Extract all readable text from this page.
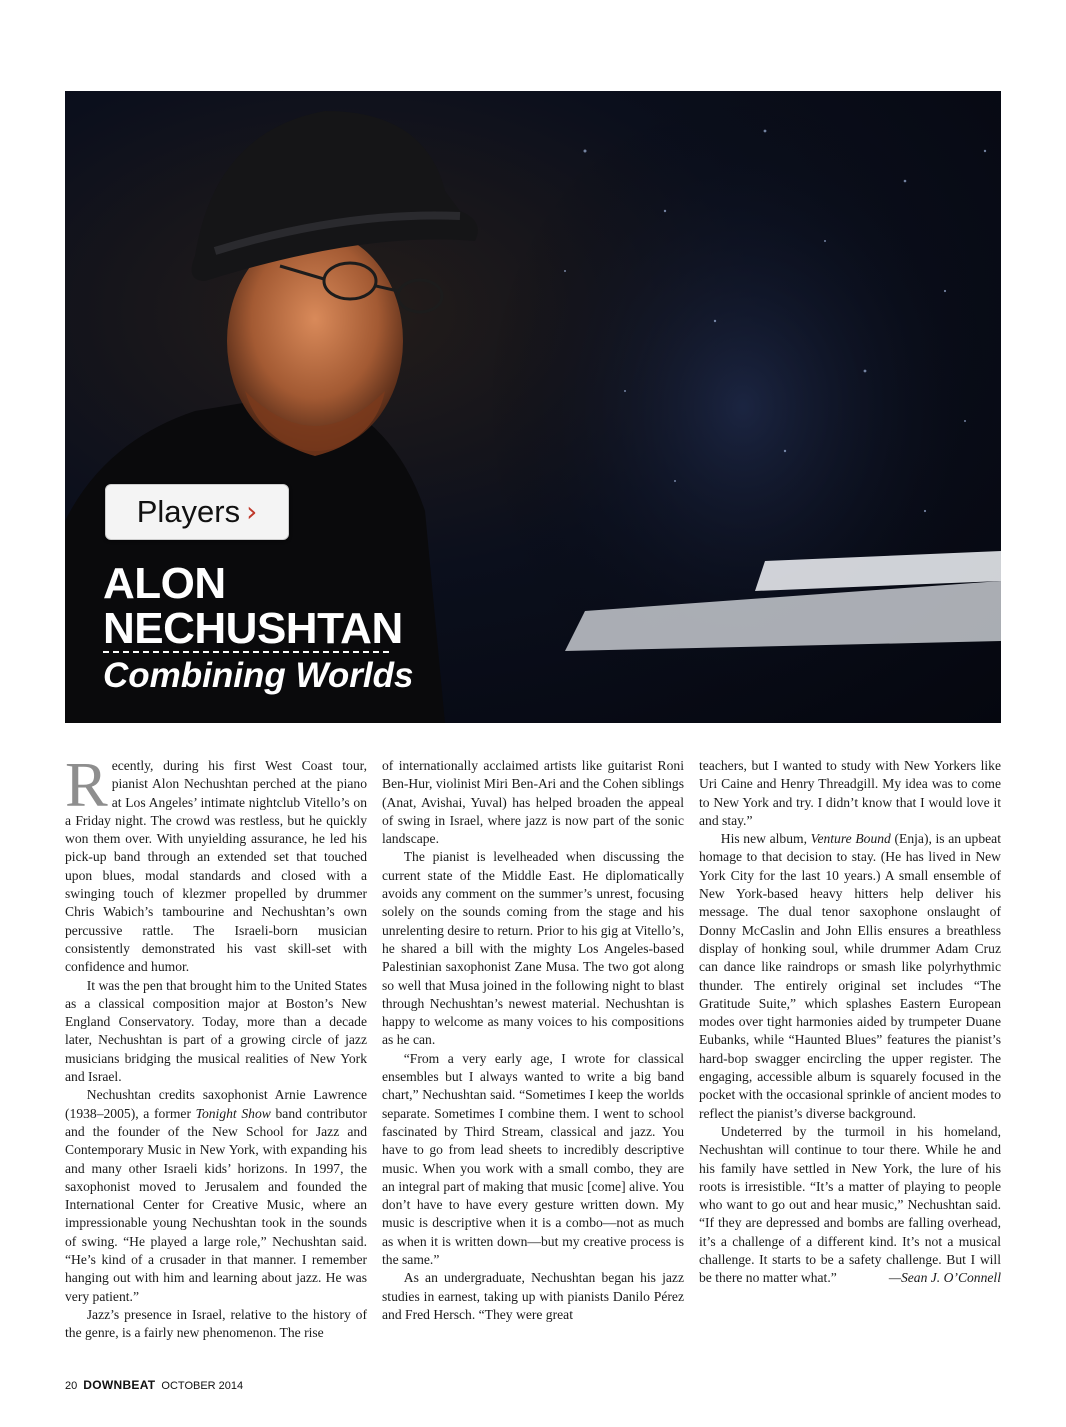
Players ›
ALON
NECHUSHTAN
Combining Worlds

Recently, during his first West Coast tour, pianist Alon Nechushtan perched at the piano at Los Angeles’ intimate nightclub Vitello’s on a Friday night. The crowd was restless, but he quickly won them over. With unyielding assurance, he led his pick-up band through an extended set that touched upon blues, modal standards and closed with a swinging touch of klezmer propelled by drummer Chris Wabich’s tambourine and Nechushtan’s own percussive rattle. The Israeli-born musician consistently demonstrated his vast skill-set with confidence and humor.

It was the pen that brought him to the United States as a classical composition major at Boston’s New England Conservatory. Today, more than a decade later, Nechushtan is part of a growing circle of jazz musicians bridging the musical realities of New York and Israel.

Nechushtan credits saxophonist Arnie Lawrence (1938–2005), a former Tonight Show band contributor and the founder of the New School for Jazz and Contemporary Music in New York, with expanding his and many other Israeli kids’ horizons. In 1997, the saxophonist moved to Jerusalem and founded the International Center for Creative Music, where an impressionable young Nechushtan took in the sounds of swing. “He played a large role,” Nechushtan said. “He’s kind of a crusader in that manner. I remember hanging out with him and learning about jazz. He was very patient.”

Jazz’s presence in Israel, relative to the history of the genre, is a fairly new phenomenon. The rise

of internationally acclaimed artists like guitarist Roni Ben-Hur, violinist Miri Ben-Ari and the Cohen siblings (Anat, Avishai, Yuval) has helped broaden the appeal of swing in Israel, where jazz is now part of the sonic landscape.

The pianist is levelheaded when discussing the current state of the Middle East. He diplomatically avoids any comment on the summer’s unrest, focusing solely on the sounds coming from the stage and his unrelenting desire to return. Prior to his gig at Vitello’s, he shared a bill with the mighty Los Angeles-based Palestinian saxophonist Zane Musa. The two got along so well that Musa joined in the following night to blast through Nechushtan’s newest material. Nechushtan is happy to welcome as many voices to his compositions as he can.

“From a very early age, I wrote for classical ensembles but I always wanted to write a big band chart,” Nechushtan said. “Sometimes I keep the worlds separate. Sometimes I combine them. I went to school fascinated by Third Stream, classical and jazz. You have to go from lead sheets to incredibly descriptive music. When you work with a small combo, they are an integral part of making that music [come] alive. You don’t have to have every gesture written down. My music is descriptive when it is a combo—not as much as when it is written down—but my creative process is the same.”

As an undergraduate, Nechushtan began his jazz studies in earnest, taking up with pianists Danilo Pérez and Fred Hersch. “They were great

teachers, but I wanted to study with New Yorkers like Uri Caine and Henry Threadgill. My idea was to come to New York and try. I didn’t know that I would love it and stay.”

His new album, Venture Bound (Enja), is an upbeat homage to that decision to stay. (He has lived in New York City for the last 10 years.) A small ensemble of New York-based heavy hitters help deliver his message. The dual tenor saxophone onslaught of Donny McCaslin and John Ellis ensures a breathless display of honking soul, while drummer Adam Cruz can dance like raindrops or smash like polyrhythmic thunder. The entirely original set includes “The Gratitude Suite,” which splashes Eastern European modes over tight harmonies aided by trumpeter Duane Eubanks, while “Haunted Blues” features the pianist’s hard-bop swagger encircling the upper register. The engaging, accessible album is squarely focused in the pocket with the occasional sprinkle of ancient modes to reflect the pianist’s diverse background.

Undeterred by the turmoil in his homeland, Nechushtan will continue to tour there. While he and his family have settled in New York, the lure of his roots is irresistible. “It’s a matter of playing to people who want to go out and hear music,” Nechushtan said. “If they are depressed and bombs are falling overhead, it’s a challenge of a different kind. It’s not a musical challenge. It starts to be a safety challenge. But I will be there no matter what.”	—Sean J. O’Connell

20 DOWNBEAT OCTOBER 2014
